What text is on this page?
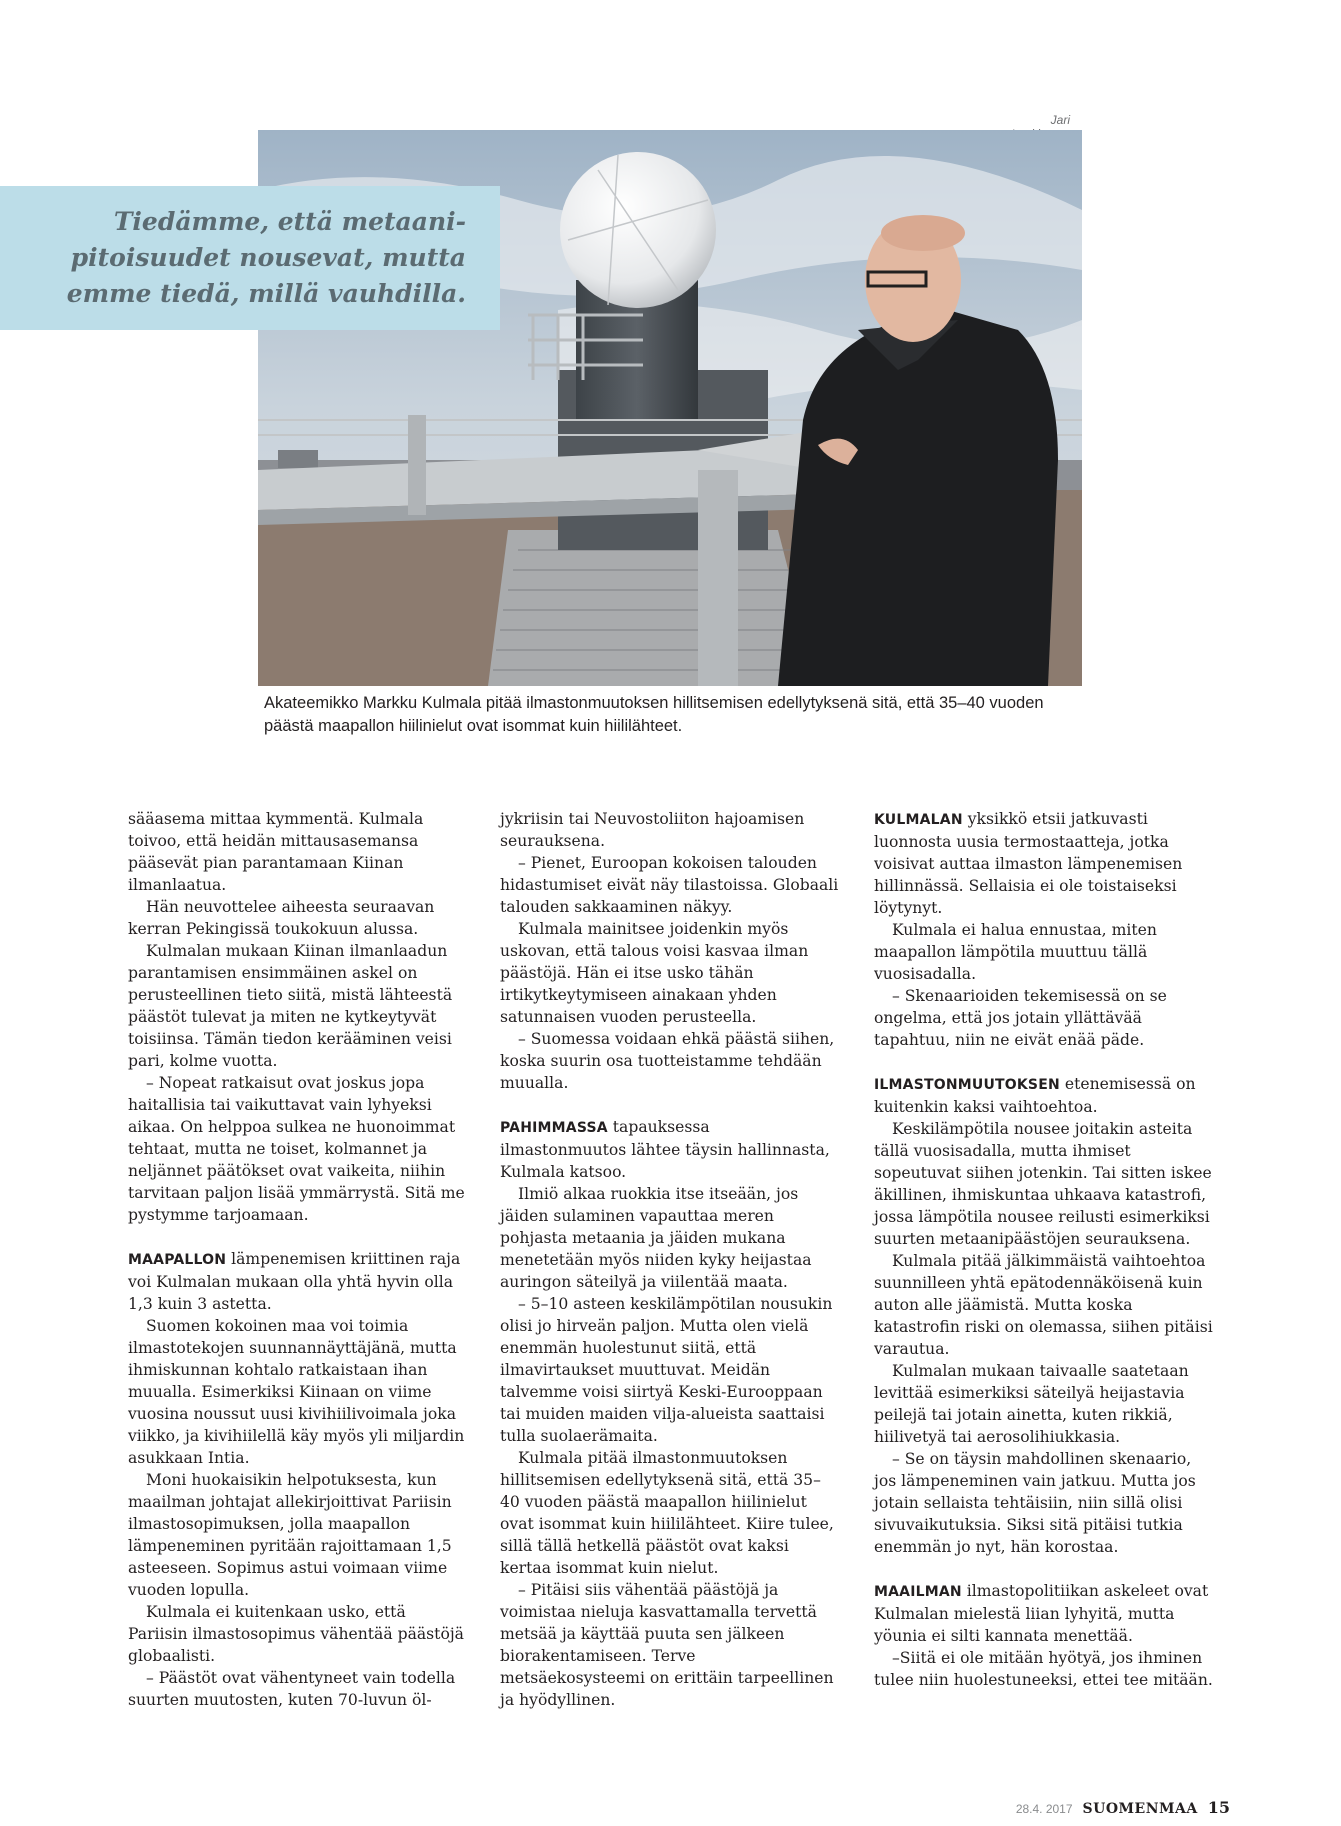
Jari

Tiedämme, että metaani-

pitoisuudet nousevat, mutta

emme tiedä, millä vauhdilla.

Akateemikko Markku Kulmala pitää ilmastonmuutoksen hillitsemisen edellytyksenä sitä, että 35–40 vuoden päästä maapallon hiilinielut ovat isommat kuin hiililähteet.

sääasema mittaa kymmentä. Kulmala toivoo, että heidän mittausasemansa pääsevät pian parantamaan Kiinan ilmanlaatua.

Hän neuvottelee aiheesta seuraavan kerran Pekingissä toukokuun alussa.

Kulmalan mukaan Kiinan ilmanlaadun parantamisen ensimmäinen askel on perusteellinen tieto siitä, mistä lähteestä päästöt tulevat ja miten ne kytkeytyvät toisiinsa. Tämän tiedon kerääminen veisi pari, kolme vuotta.

– Nopeat ratkaisut ovat joskus jopa haitallisia tai vaikuttavat vain lyhyeksi aikaa. On helppoa sulkea ne huonoimmat tehtaat, mutta ne toiset, kolmannet ja neljännet päätökset ovat vaikeita, niihin tarvitaan paljon lisää ymmärrystä. Sitä me pystymme tarjoamaan.

MAAPALLON lämpenemisen kriittinen raja voi Kulmalan mukaan olla yhtä hyvin olla 1,3 kuin 3 astetta.

Suomen kokoinen maa voi toimia ilmastotekojen suunnannäyttäjänä, mutta ihmiskunnan kohtalo ratkaistaan ihan muualla. Esimerkiksi Kiinaan on viime vuosina noussut uusi kivihiilivoimala joka viikko, ja kivihiilellä käy myös yli miljardin asukkaan Intia.

Moni huokaisikin helpotuksesta, kun maailman johtajat allekirjoittivat Pariisin ilmastosopimuksen, jolla maapallon lämpeneminen pyritään rajoittamaan 1,5 asteeseen. Sopimus astui voimaan viime vuoden lopulla.

Kulmala ei kuitenkaan usko, että Pariisin ilmastosopimus vähentää päästöjä globaalisti.

– Päästöt ovat vähentyneet vain todella suurten muutosten, kuten 70-luvun öl-

jykriisin tai Neuvostoliiton hajoamisen seurauksena.

– Pienet, Euroopan kokoisen talouden hidastumiset eivät näy tilastoissa. Globaali talouden sakkaaminen näkyy.

Kulmala mainitsee joidenkin myös uskovan, että talous voisi kasvaa ilman päästöjä. Hän ei itse usko tähän irtikytkeytymiseen ainakaan yhden satunnaisen vuoden perusteella.

– Suomessa voidaan ehkä päästä siihen, koska suurin osa tuotteistamme tehdään muualla.

PAHIMMASSA tapauksessa ilmastonmuutos lähtee täysin hallinnasta, Kulmala katsoo.

Ilmiö alkaa ruokkia itse itseään, jos jäiden sulaminen vapauttaa meren pohjasta metaania ja jäiden mukana menetetään myös niiden kyky heijastaa auringon säteilyä ja viilentää maata.

– 5–10 asteen keskilämpötilan nousukin olisi jo hirveän paljon. Mutta olen vielä enemmän huolestunut siitä, että ilmavirtaukset muuttuvat. Meidän talvemme voisi siirtyä Keski-Eurooppaan tai muiden maiden vilja-alueista saattaisi tulla suolaerämaita.

Kulmala pitää ilmastonmuutoksen hillitsemisen edellytyksenä sitä, että 35–40 vuoden päästä maapallon hiilinielut ovat isommat kuin hiililähteet. Kiire tulee, sillä tällä hetkellä päästöt ovat kaksi kertaa isommat kuin nielut.

– Pitäisi siis vähentää päästöjä ja voimistaa nieluja kasvattamalla tervettä metsää ja käyttää puuta sen jälkeen biorakentamiseen. Terve metsäekosysteemi on erittäin tarpeellinen ja hyödyllinen.

KULMALAN yksikkö etsii jatkuvasti luonnosta uusia termostaatteja, jotka voisivat auttaa ilmaston lämpenemisen hillinnässä. Sellaisia ei ole toistaiseksi löytynyt.

Kulmala ei halua ennustaa, miten maapallon lämpötila muuttuu tällä vuosisadalla.

– Skenaarioiden tekemisessä on se ongelma, että jos jotain yllättävää tapahtuu, niin ne eivät enää päde.

ILMASTONMUUTOKSEN etenemisessä on kuitenkin kaksi vaihtoehtoa.

Keskilämpötila nousee joitakin asteita tällä vuosisadalla, mutta ihmiset sopeutuvat siihen jotenkin. Tai sitten iskee äkillinen, ihmiskuntaa uhkaava katastrofi, jossa lämpötila nousee reilusti esimerkiksi suurten metaanipäästöjen seurauksena.

Kulmala pitää jälkimmäistä vaihtoehtoa suunnilleen yhtä epätodennäköisenä kuin auton alle jäämistä. Mutta koska katastrofin riski on olemassa, siihen pitäisi varautua.

Kulmalan mukaan taivaalle saatetaan levittää esimerkiksi säteilyä heijastavia peilejä tai jotain ainetta, kuten rikkiä, hiilivetyä tai aerosolihiukkasia.

– Se on täysin mahdollinen skenaario, jos lämpeneminen vain jatkuu. Mutta jos jotain sellaista tehtäisiin, niin sillä olisi sivuvaikutuksia. Siksi sitä pitäisi tutkia enemmän jo nyt, hän korostaa.

MAAILMAN ilmastopolitiikan askeleet ovat Kulmalan mielestä liian lyhyitä, mutta yöunia ei silti kannata menettää.

–Siitä ei ole mitään hyötyä, jos ihminen tulee niin huolestuneeksi, ettei tee mitään.

28.4. 2017 SUOMENMAA 15
